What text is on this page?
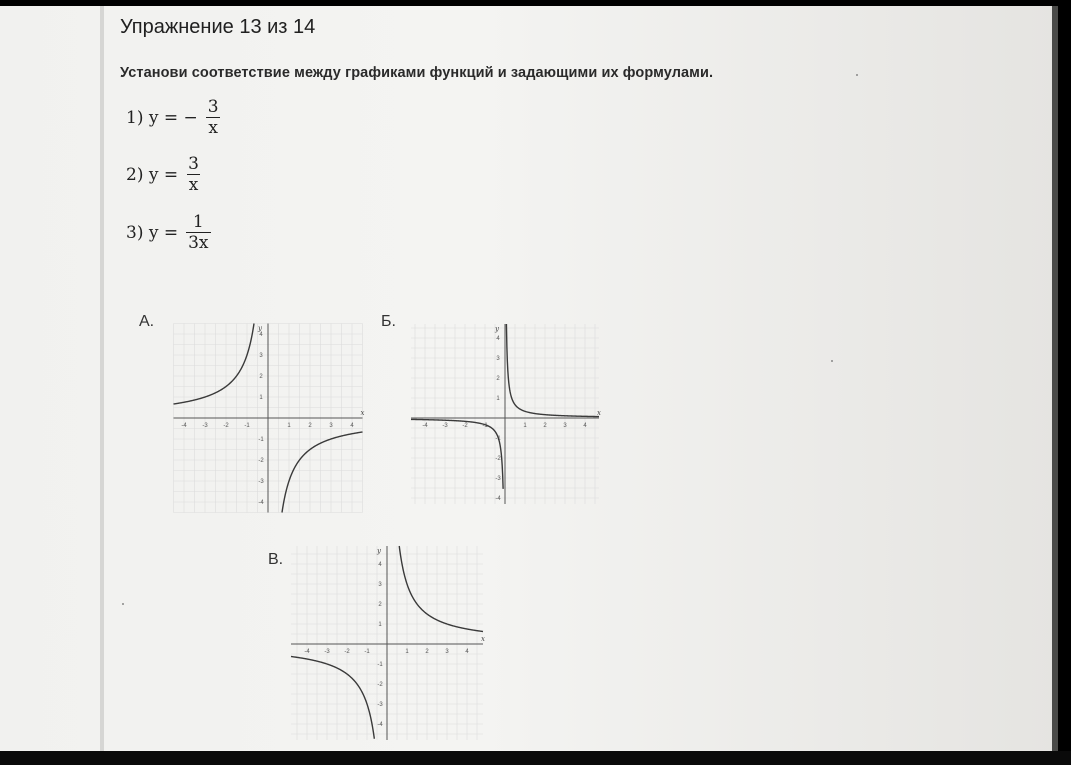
Упражнение 13 из 14
Установи соответствие между графиками функций и задающими их формулами.
1) y = − $\frac{3}{x}$
2) $y = \frac{3}{x}$
3) $y = \frac{1}{3x}$
А.	Б.
В.
-4	-3	-2	-1	1	2	3	4
4
3
2
1
-1
-2
-3
-4
x
y
-4 -3 -2 -1	1	2	3	4
4
3
2
1
-1
-2
-3
-4
x
y
-4 -3 -2 -1	1	2	3	4
4
3
2
1
-1
-2
-3
-4
x
y
